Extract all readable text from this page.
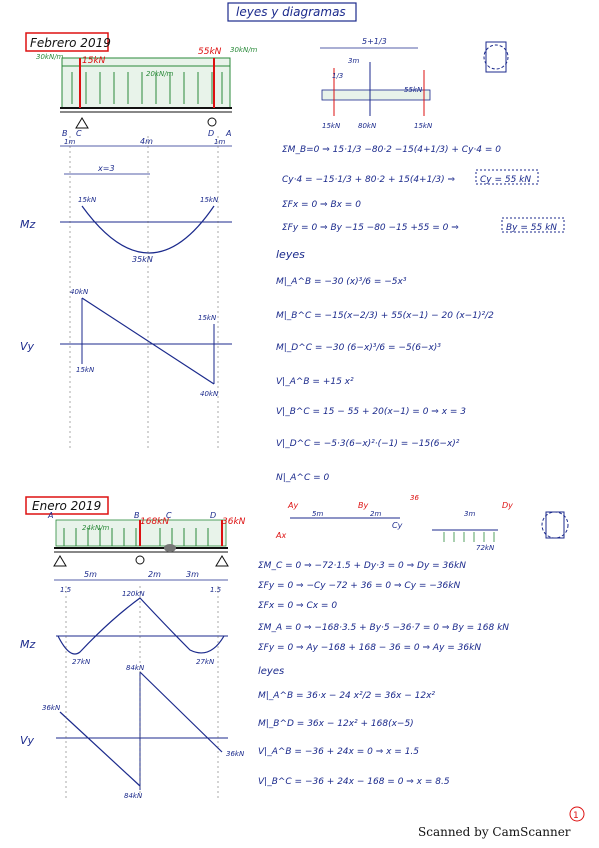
leyes y diagramas
Febrero 2019
30kN/m 15kN
20kN/m
55kN 30kN/m
B C	D A
1m	4m	1m
x=3
Mz
15kN	15kN
35kN
Vy
40kN
15kN
15kN
40kN
5+1/3
3m
1/3
15kN	80kN	15kN
55kN
ΣM_B=0 ⇒ 15·1/3 −80·2 −15(4+1/3) + Cy·4 = 0
Cy·4 = −15·1/3 + 80·2 + 15(4+1/3) ⇒	Cy = 55 kN
ΣFx = 0 ⇒ Bx = 0
ΣFy = 0 ⇒ By −15 −80 −15 +55 = 0 ⇒	By = 55 kN
leyes
M|_A^B = −30 (x)³/6 = −5x³
M|_B^C = −15(x−2/3) + 55(x−1) − 20 (x−1)²/2
M|_D^C = −30 (6−x)³/6 = −5(6−x)³
V|_A^B = +15 x²
V|_B^C = 15 − 55 + 20(x−1) = 0 ⇒ x = 3
V|_D^C = −5·3(6−x)²·(−1) = −15(6−x)²
N|_A^C = 0
Enero 2019
24kN/m
168kN	36kN
A	B	C	D
1.5
5m	2m	3m
1.5
Mz
120kN
27kN	27kN
Vy
36kN
84kN
36kN
84kN
Ay	By
Cy
Dy
Ax
5m	2m	3m
36
72kN
ΣM_C = 0 ⇒ −72·1.5 + Dy·3 = 0 ⇒ Dy = 36kN
ΣFy = 0 ⇒ −Cy −72 + 36 = 0 ⇒ Cy = −36kN
ΣFx = 0 ⇒ Cx = 0
ΣM_A = 0 ⇒ −168·3.5 + By·5 −36·7 = 0 ⇒ By = 168 kN
ΣFy = 0 ⇒ Ay −168 + 168 − 36 = 0 ⇒ Ay = 36kN
leyes
M|_A^B = 36·x − 24 x²/2 = 36x − 12x²
M|_B^D = 36x − 12x² + 168(x−5)
V|_A^B = −36 + 24x = 0 ⇒ x = 1.5
V|_B^C = −36 + 24x − 168 = 0 ⇒ x = 8.5
1
Scanned by CamScanner
